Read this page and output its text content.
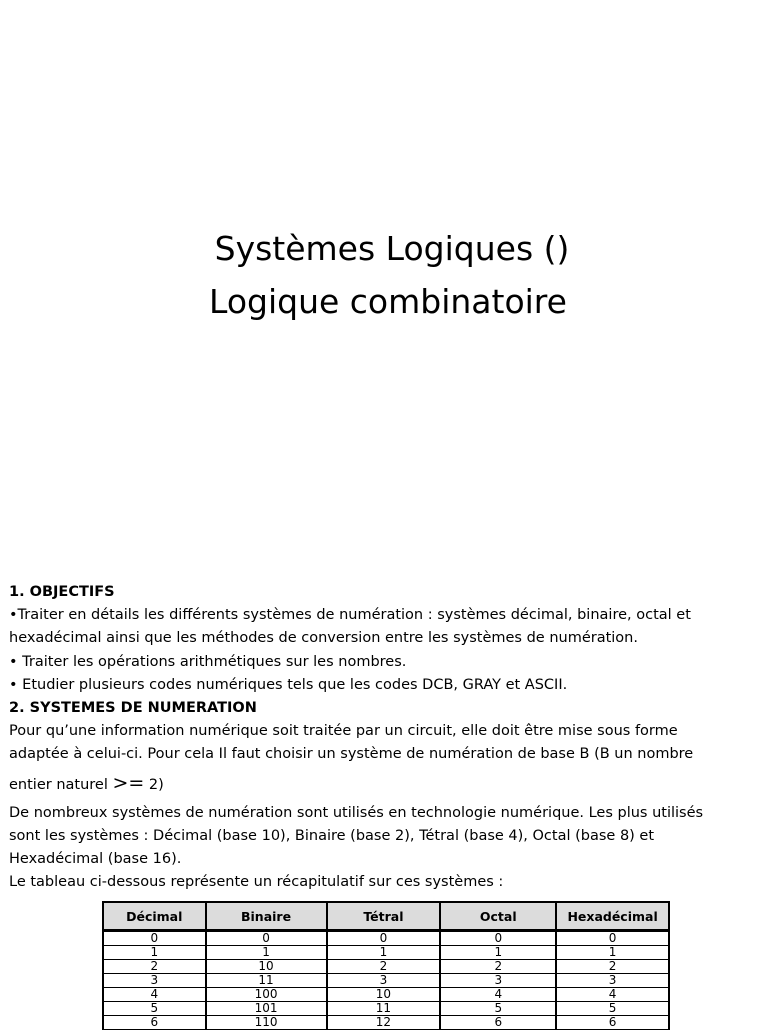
Systèmes Logiques ()
Logique combinatoire

1. OBJECTIFS

•Traiter en détails les différents systèmes de numération : systèmes décimal, binaire, octal et

hexadécimal ainsi que les méthodes de conversion entre les systèmes de numération.

• Traiter les opérations arithmétiques sur les nombres.

• Etudier plusieurs codes numériques tels que les codes DCB, GRAY et ASCII.

2. SYSTEMES DE NUMERATION

Pour qu’une information numérique soit traitée par un circuit, elle doit être mise sous forme

adaptée à celui-ci. Pour cela Il faut choisir un système de numération de base B (B un nombre

entier naturel >= 2)

De nombreux systèmes de numération sont utilisés en technologie numérique. Les plus utilisés

sont les systèmes : Décimal (base 10), Binaire (base 2), Tétral (base 4), Octal (base 8) et

Hexadécimal (base 16).

Le tableau ci-dessous représente un récapitulatif sur ces systèmes :

Décimal	Binaire	Tétral	Octal	Hexadécimal
0	0	0	0	0
1	1	1	1	1
2	10	2	2	2
3	11	3	3	3
4	100	10	4	4
5	101	11	5	5
6	110	12	6	6
